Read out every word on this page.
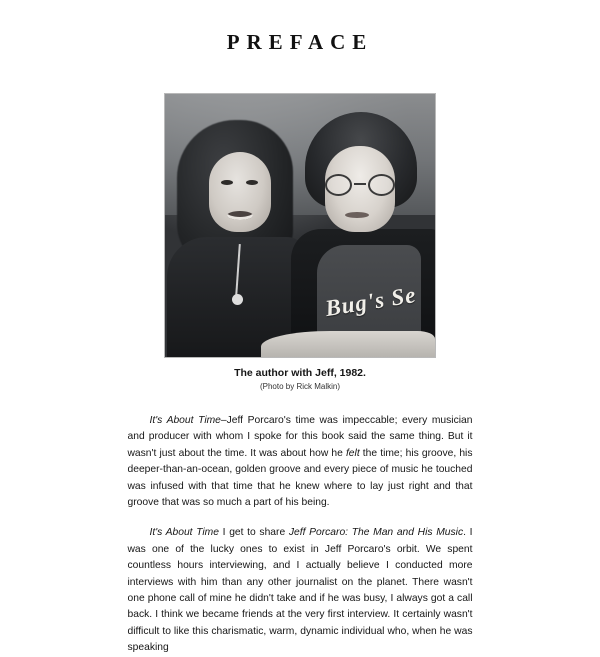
PREFACE
Bug's Se
The author with Jeff, 1982.
(Photo by Rick Malkin)

It's About Time–Jeff Porcaro's time was impeccable; every musician and producer with whom I spoke for this book said the same thing. But it wasn't just about the time. It was about how he felt the time; his groove, his deeper-than-an-ocean, golden groove and every piece of music he touched was infused with that time that he knew where to lay just right and that groove that was so much a part of his being.

It's About Time I get to share Jeff Porcaro: The Man and His Music. I was one of the lucky ones to exist in Jeff Porcaro's orbit. We spent countless hours interviewing, and I actually believe I conducted more interviews with him than any other journalist on the planet. There wasn't one phone call of mine he didn't take and if he was busy, I always got a call back. I think we became friends at the very first interview. It certainly wasn't difficult to like this charismatic, warm, dynamic individual who, when he was speaking
